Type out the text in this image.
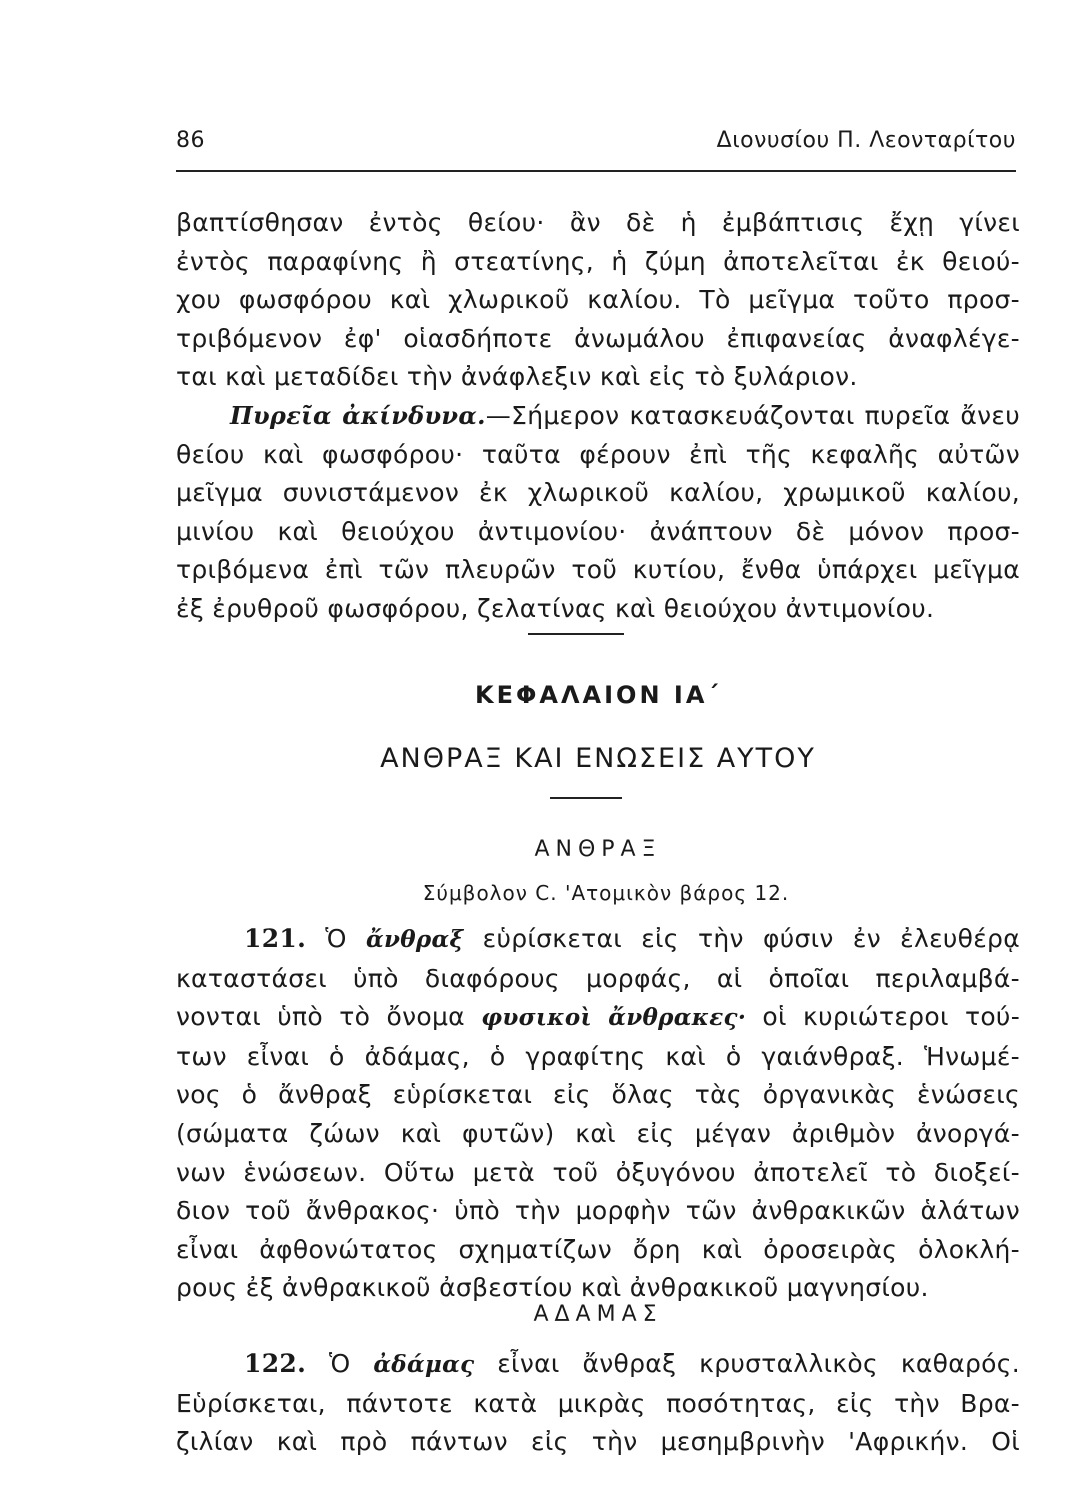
86	Διονυσίου Π. Λεονταρίτου
βαπτίσθησαν ἐντὸς θείου· ἂν δὲ ἡ ἐμβάπτισις ἔχῃ γίνει
ἐντὸς παραφίνης ἢ στεατίνης, ἡ ζύμη ἀποτελεῖται ἐκ θειού-
χου φωσφόρου καὶ χλωρικοῦ καλίου. Τὸ μεῖγμα τοῦτο προσ-
τριβόμενον ἐφ' οἱασδήποτε ἀνωμάλου ἐπιφανείας ἀναφλέγε-
ται καὶ μεταδίδει τὴν ἀνάφλεξιν καὶ εἰς τὸ ξυλάριον.
Πυρεῖα ἀκίνδυνα.—Σήμερον κατασκευάζονται πυρεῖα ἄνευ
θείου καὶ φωσφόρου· ταῦτα φέρουν ἐπὶ τῆς κεφαλῆς αὐτῶν
μεῖγμα συνιστάμενον ἐκ χλωρικοῦ καλίου, χρωμικοῦ καλίου,
μινίου καὶ θειούχου ἀντιμονίου· ἀνάπτουν δὲ μόνον προσ-
τριβόμενα ἐπὶ τῶν πλευρῶν τοῦ κυτίου, ἔνθα ὑπάρχει μεῖγμα
ἐξ ἐρυθροῦ φωσφόρου, ζελατίνας καὶ θειούχου ἀντιμονίου.
ΚΕΦΑΛΑΙΟΝ ΙΑ΄
ΑΝΘΡΑΞ ΚΑΙ ΕΝΩΣΕΙΣ ΑΥΤΟΥ
ΑΝΘΡΑΞ
Σύμβολον C. 'Ατομικὸν βάρος 12.
121. Ὁ ἄνθραξ εὑρίσκεται εἰς τὴν φύσιν ἐν ἐλευθέρᾳ
καταστάσει ὑπὸ διαφόρους μορφάς, αἱ ὁποῖαι περιλαμβά-
νονται ὑπὸ τὸ ὄνομα φυσικοὶ ἄνθρακες· οἱ κυριώτεροι τού-
των εἶναι ὁ ἀδάμας, ὁ γραφίτης καὶ ὁ γαιάνθραξ. Ἡνωμέ-
νος ὁ ἄνθραξ εὑρίσκεται εἰς ὅλας τὰς ὀργανικὰς ἑνώσεις
(σώματα ζώων καὶ φυτῶν) καὶ εἰς μέγαν ἀριθμὸν ἀνοργά-
νων ἑνώσεων. Οὕτω μετὰ τοῦ ὀξυγόνου ἀποτελεῖ τὸ διοξεί-
διον τοῦ ἄνθρακος· ὑπὸ τὴν μορφὴν τῶν ἀνθρακικῶν ἁλάτων
εἶναι ἀφθονώτατος σχηματίζων ὄρη καὶ ὀροσειρὰς ὁλοκλή-
ρους ἐξ ἀνθρακικοῦ ἀσβεστίου καὶ ἀνθρακικοῦ μαγνησίου.
ΑΔΑΜΑΣ
122. Ὁ ἀδάμας εἶναι ἄνθραξ κρυσταλλικὸς καθαρός.
Εὑρίσκεται, πάντοτε κατὰ μικρὰς ποσότητας, εἰς τὴν Βρα-
ζιλίαν καὶ πρὸ πάντων εἰς τὴν μεσημβρινὴν 'Αφρικήν. Οἱ
